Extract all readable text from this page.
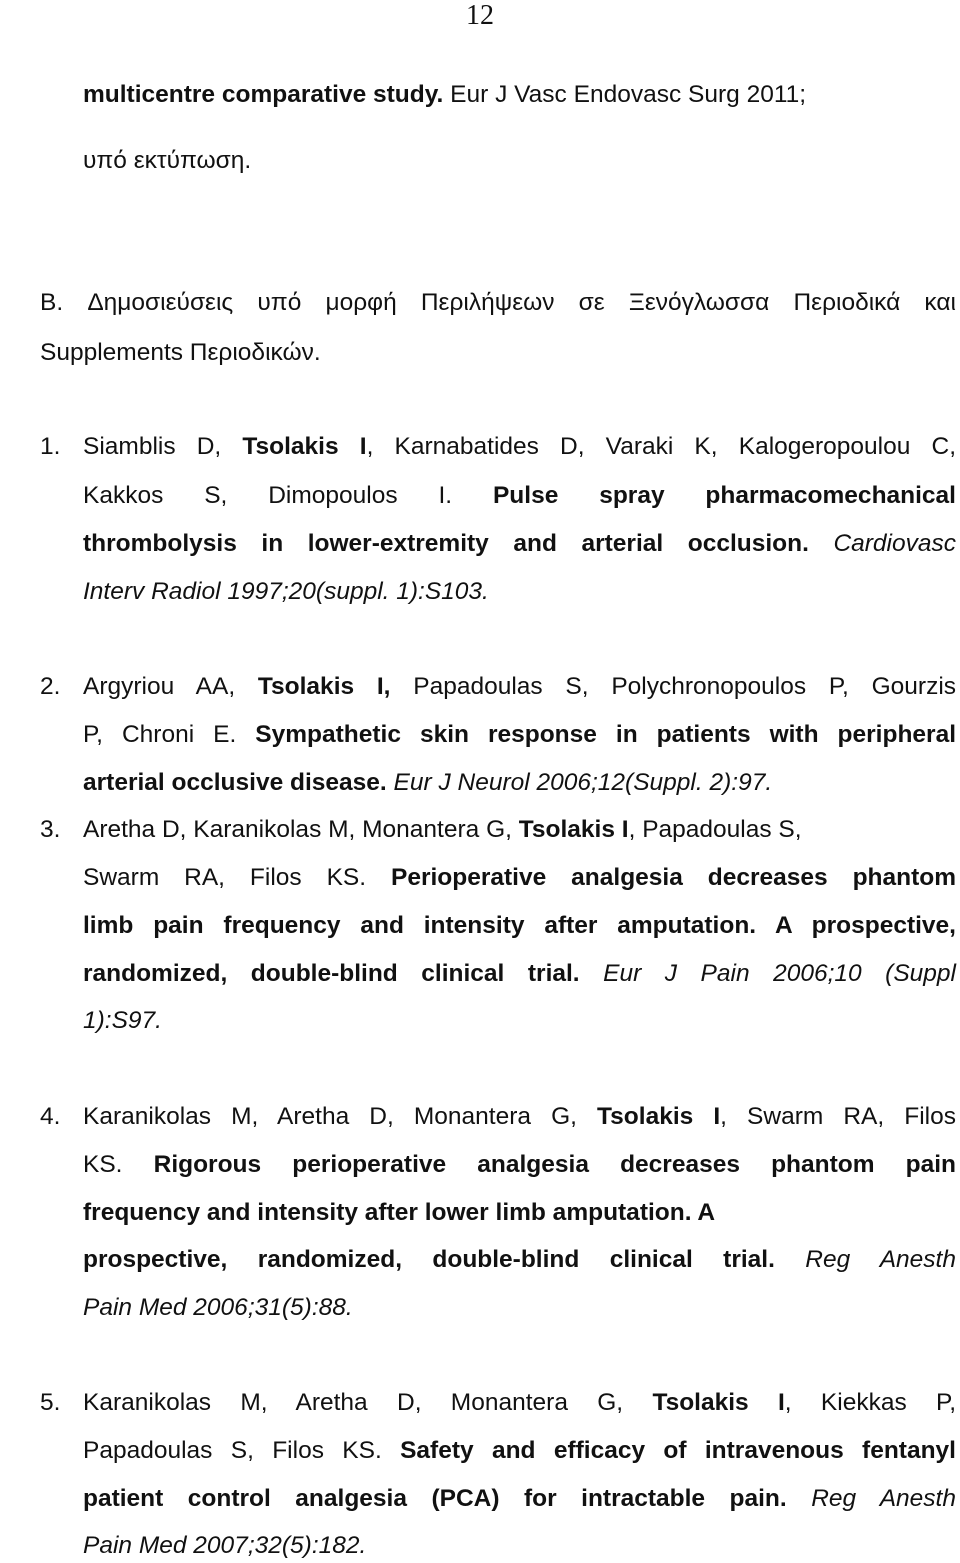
12
multicentre comparative study. Eur J Vasc Endovasc Surg 2011;
υπό εκτύπωση.
B. Δημοσιεύσεις υπό μορφή Περιλήψεων σε Ξενόγλωσσα Περιοδικά και
Supplements Περιοδικών.
1. Siamblis D, Tsolakis I, Karnabatides D, Varaki K, Kalogeropoulou C,
Kakkos S, Dimopoulos I. Pulse spray pharmacomechanical
thrombolysis in lower-extremity and arterial occlusion. Cardiovasc
Interv Radiol 1997;20(suppl. 1):S103.
2. Argyriou AA, Tsolakis I, Papadoulas S, Polychronopoulos P, Gourzis
P, Chroni E. Sympathetic skin response in patients with peripheral
arterial occlusive disease. Eur J Neurol 2006;12(Suppl. 2):97.
3. Aretha D, Karanikolas M, Monantera G, Tsolakis I, Papadoulas S,
Swarm RA, Filos KS. Perioperative analgesia decreases phantom
limb pain frequency and intensity after amputation. A prospective,
randomized, double-blind clinical trial. Eur J Pain 2006;10 (Suppl
1):S97.
4. Karanikolas M, Aretha D, Monantera G, Tsolakis I, Swarm RA, Filos
KS. Rigorous perioperative analgesia decreases phantom pain
frequency and intensity after lower limb amputation. A
prospective, randomized, double-blind clinical trial. Reg Anesth
Pain Med 2006;31(5):88.
5. Karanikolas M, Aretha D, Monantera G, Tsolakis I, Kiekkas P,
Papadoulas S, Filos KS. Safety and efficacy of intravenous fentanyl
patient control analgesia (PCA) for intractable pain. Reg Anesth
Pain Med 2007;32(5):182.
